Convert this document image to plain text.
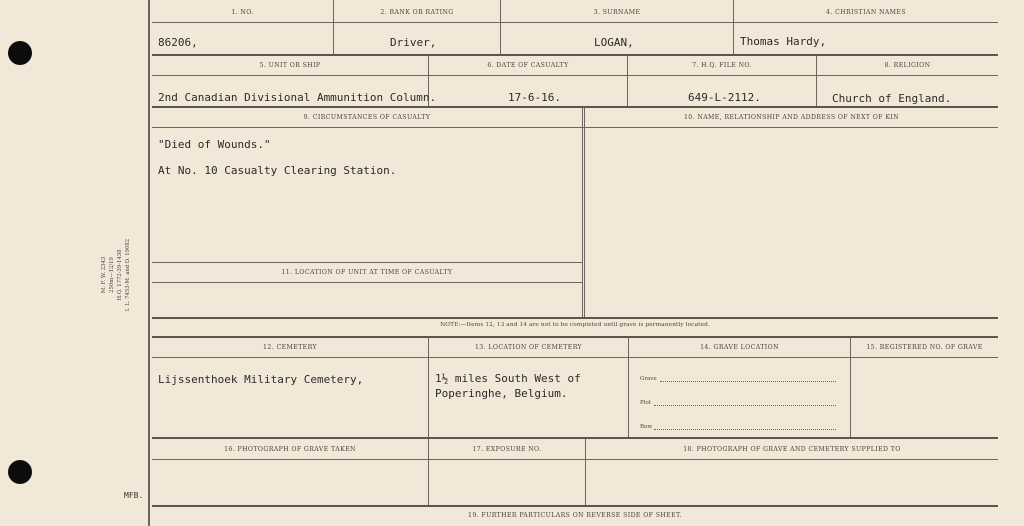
M. F. W. 2343 250m—12/19 H.Q. 1772-39-1438 I. L. 7453-M. and D. 19082
MFB.
1. NO.	2. RANK OR RATING	3. SURNAME	4. CHRISTIAN NAMES
86206,	Driver,	LOGAN,	Thomas Hardy,
5. UNIT OR SHIP	6. DATE OF CASUALTY	7. H.Q. FILE NO.	8. RELIGION
2nd Canadian Divisional Ammunition Column.	17-6-16.	649-L-2112.	Church of England.
9. CIRCUMSTANCES OF CASUALTY	10. NAME, RELATIONSHIP AND ADDRESS OF NEXT OF KIN
"Died of Wounds."
At No. 10 Casualty Clearing Station.
11. LOCATION OF UNIT AT TIME OF CASUALTY
NOTE:—Items 12, 13 and 14 are not to be completed until grave is permanently located.
12. CEMETERY	13. LOCATION OF CEMETERY	14. GRAVE LOCATION	15. REGISTERED NO. OF GRAVE
Lijssenthoek Military Cemetery,	1½ miles South West of
Poperinghe, Belgium.
Grave
Plot
Row
16. PHOTOGRAPH OF GRAVE TAKEN	17. EXPOSURE NO.	18. PHOTOGRAPH OF GRAVE AND CEMETERY SUPPLIED TO
19. FURTHER PARTICULARS ON REVERSE SIDE OF SHEET.
